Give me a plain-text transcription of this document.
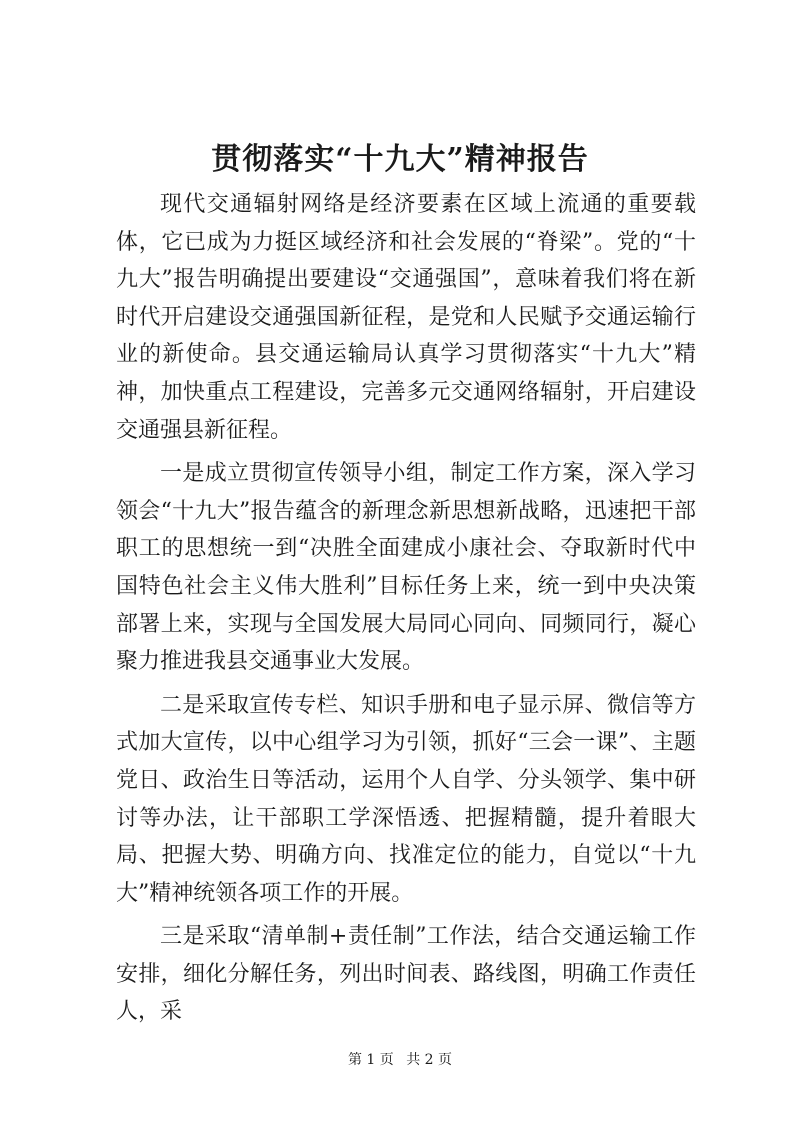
贯彻落实“十九大”精神报告

现代交通辐射网络是经济要素在区域上流通的重要载体，它已成为力挺区域经济和社会发展的“脊梁”。党的“十九大”报告明确提出要建设“交通强国”，意味着我们将在新时代开启建设交通强国新征程，是党和人民赋予交通运输行业的新使命。县交通运输局认真学习贯彻落实“十九大”精神，加快重点工程建设，完善多元交通网络辐射，开启建设交通强县新征程。

一是成立贯彻宣传领导小组，制定工作方案，深入学习领会“十九大”报告蕴含的新理念新思想新战略，迅速把干部职工的思想统一到“决胜全面建成小康社会、夺取新时代中国特色社会主义伟大胜利”目标任务上来，统一到中央决策部署上来，实现与全国发展大局同心同向、同频同行，凝心聚力推进我县交通事业大发展。

二是采取宣传专栏、知识手册和电子显示屏、微信等方式加大宣传，以中心组学习为引领，抓好“三会一课”、主题党日、政治生日等活动，运用个人自学、分头领学、集中研讨等办法，让干部职工学深悟透、把握精髓，提升着眼大局、把握大势、明确方向、找准定位的能力，自觉以“十九大”精神统领各项工作的开展。

三是采取“清单制+责任制”工作法，结合交通运输工作安排，细化分解任务，列出时间表、路线图，明确工作责任人，采

第 1 页 共 2 页
